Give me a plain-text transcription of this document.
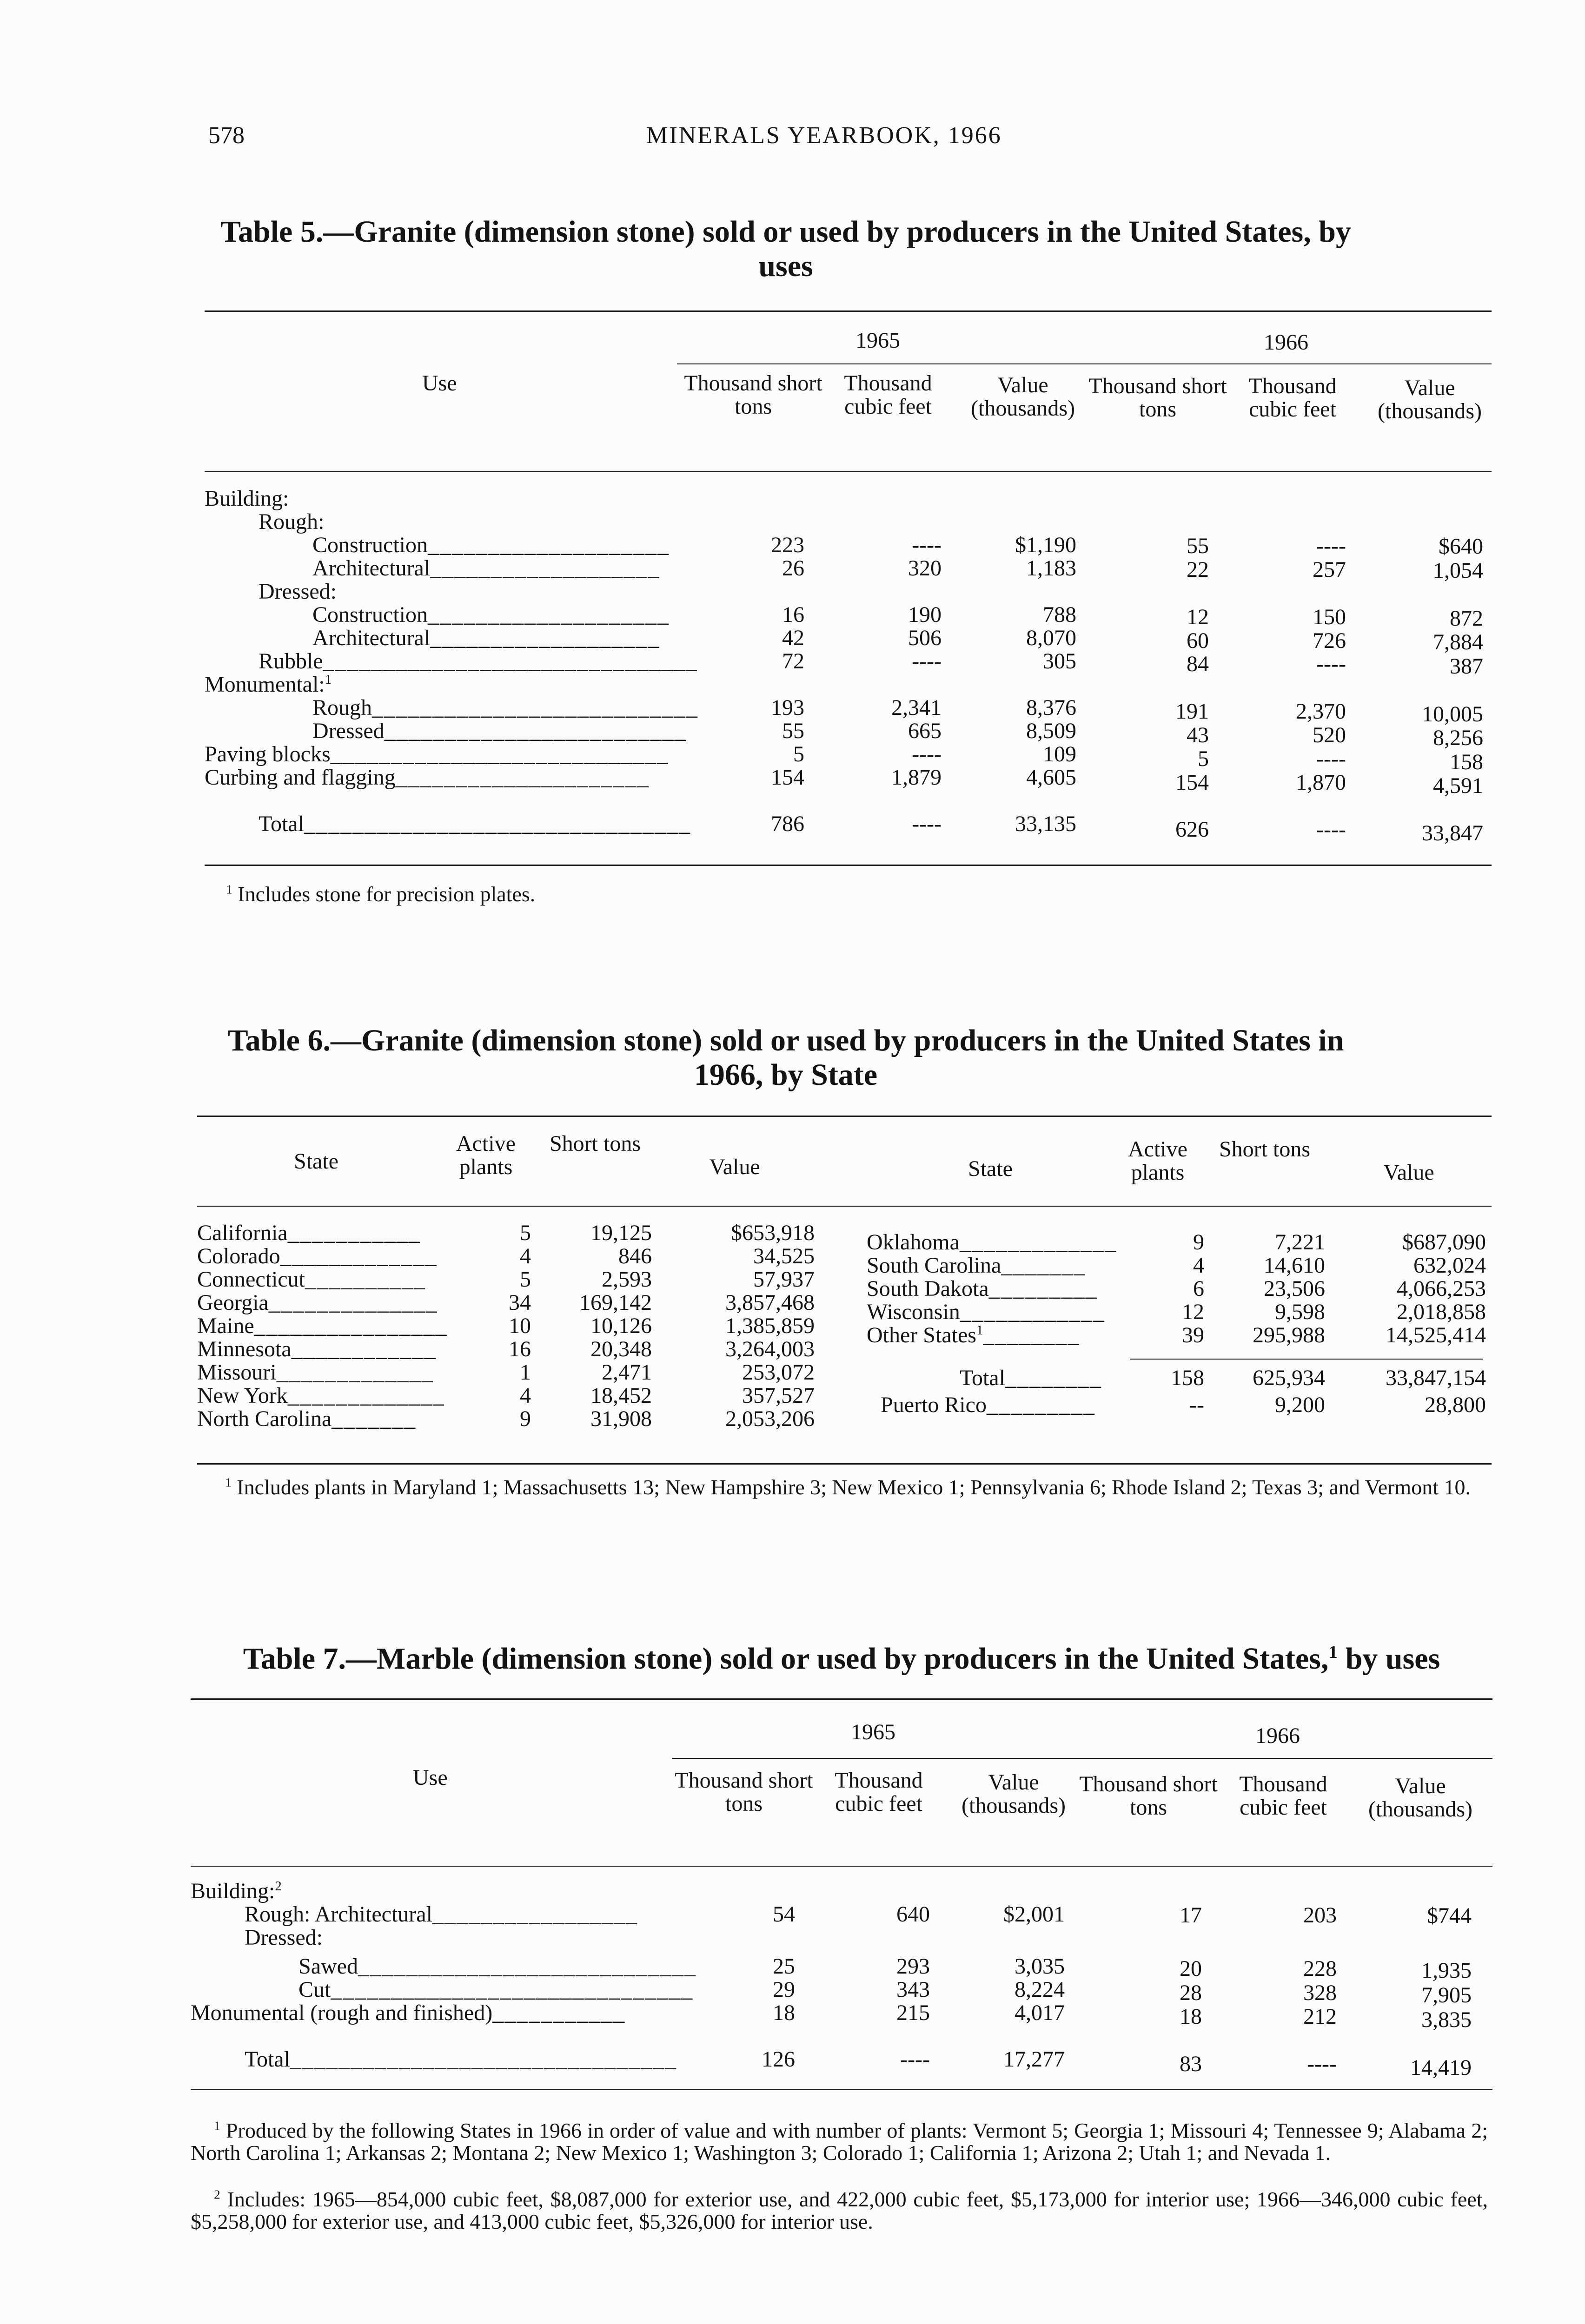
578	MINERALS YEARBOOK, 1966
Table 5.—Granite (dimension stone) sold or used by producers in the United States, by uses
1965	1966
Use	Thousand short tons
Thousand cubic feet
Value (thousands)
Thousand short tons
Thousand cubic feet
Value (thousands)
Building:
Rough:
Construction____________________	223	----	$1,190	55	----	$640
Architectural___________________	26	320	1,183	22	257	1,054
Dressed:
Construction____________________	16	190	788	12	150	872
Architectural___________________	42	506	8,070	60	726	7,884
Rubble_______________________________	72	----	305	84	----	387
Monumental:$^1$
Rough___________________________	193	2,341	8,376	191	2,370	10,005
Dressed_________________________	55	665	8,509	43	520	8,256
Paving blocks____________________________	5	----	109	5	----	158
Curbing and flagging_____________________	154	1,879	4,605	154	1,870	4,591
Total________________________________	786	----	33,135	626	----	33,847
$^1$ Includes stone for precision plates.
Table 6.—Granite (dimension stone) sold or used by producers in the United States in 1966, by State
State
Active plants
Short tons
Value	State
Active plants
Short tons
Value
California___________	5	19,125	$653,918
Colorado_____________	4	846	34,525
Connecticut__________	5	2,593	57,937
Georgia______________	34	169,142	3,857,468
Maine________________	10	10,126	1,385,859
Minnesota____________	16	20,348	3,264,003
Missouri_____________	1	2,471	253,072
New York_____________	4	18,452	357,527
North Carolina_______	9	31,908	2,053,206
Oklahoma_____________	9	7,221	$687,090
South Carolina_______	4	14,610	632,024
South Dakota_________	6	23,506	4,066,253
Wisconsin____________	12	9,598	2,018,858
Other States$^1$________	39	295,988	14,525,414
Total________	158	625,934	33,847,154
Puerto Rico_________	--	9,200	28,800
$^1$ Includes plants in Maryland 1; Massachusetts 13; New Hampshire 3; New Mexico 1; Pennsylvania 6; Rhode Island 2; Texas 3; and Vermont 10.
Table 7.—Marble (dimension stone) sold or used by producers in the United States,$^1$ by uses
1965	1966
Use	Thousand short tons
Thousand cubic feet
Value (thousands)
Thousand short tons
Thousand cubic feet
Value (thousands)
Building:$^2$
Rough: Architectural_________________	54	640	$2,001	17	203	$744
Dressed:
Sawed____________________________	25	293	3,035	20	228	1,935
Cut______________________________	29	343	8,224	28	328	7,905
Monumental (rough and finished)___________	18	215	4,017	18	212	3,835
Total________________________________	126	----	17,277	83	----	14,419
$^1$ Produced by the following States in 1966 in order of value and with number of plants: Vermont 5; Georgia 1; Missouri 4; Tennessee 9; Alabama 2; North Carolina 1; Arkansas 2; Montana 2; New Mexico 1; Washington 3; Colorado 1; California 1; Arizona 2; Utah 1; and Nevada 1.
$^2$ Includes: 1965—854,000 cubic feet, $8,087,000 for exterior use, and 422,000 cubic feet, $5,173,000 for interior use; 1966—346,000 cubic feet, $5,258,000 for exterior use, and 413,000 cubic feet, $5,326,000 for interior use.
